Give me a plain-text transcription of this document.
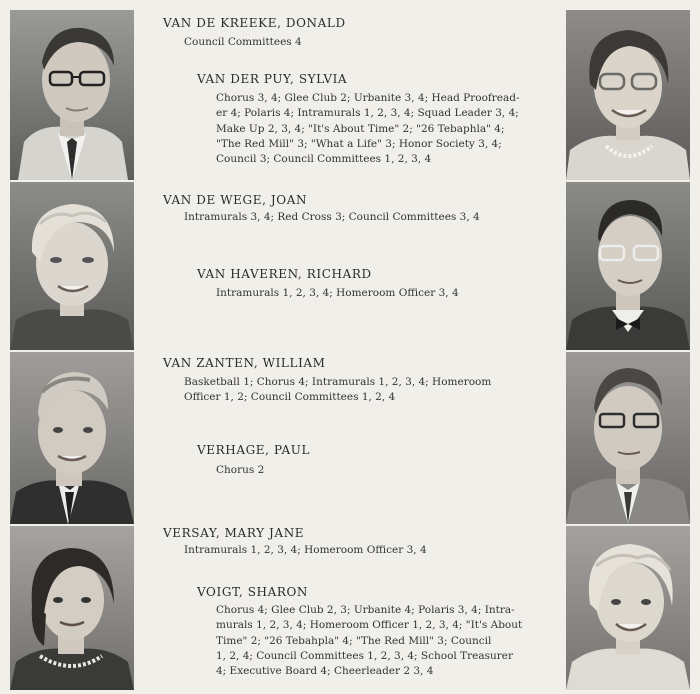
VAN DE KREEKE, DONALD
Council Committees 4
VAN DER PUY, SYLVIA
Chorus 3, 4; Glee Club 2; Urbanite 3, 4; Head Proofread-
er 4; Polaris 4; Intramurals 1, 2, 3, 4; Squad Leader 3, 4;
Make Up 2, 3, 4; "It's About Time" 2; "26 Tebaphla" 4;
"The Red Mill" 3; "What a Life" 3; Honor Society 3, 4;
Council 3; Council Committees 1, 2, 3, 4
VAN DE WEGE, JOAN
Intramurals 3, 4; Red Cross 3; Council Committees 3, 4
VAN HAVEREN, RICHARD
Intramurals 1, 2, 3, 4; Homeroom Officer 3, 4
VAN ZANTEN, WILLIAM
Basketball 1; Chorus 4; Intramurals 1, 2, 3, 4; Homeroom
Officer 1, 2; Council Committees 1, 2, 4
VERHAGE, PAUL
Chorus 2
VERSAY, MARY JANE
Intramurals 1, 2, 3, 4; Homeroom Officer 3, 4
VOIGT, SHARON
Chorus 4; Glee Club 2, 3; Urbanite 4; Polaris 3, 4; Intra-
murals 1, 2, 3, 4; Homeroom Officer 1, 2, 3, 4; "It's About
Time" 2; "26 Tebahpla" 4; "The Red Mill" 3; Council
1, 2, 4; Council Committees 1, 2, 3, 4; School Treasurer
4; Executive Board 4; Cheerleader 2 3, 4
